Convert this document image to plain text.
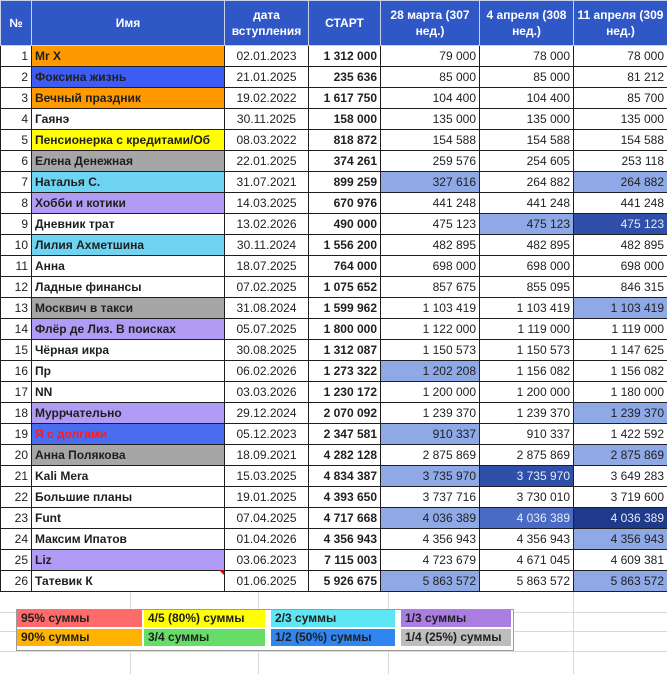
№	Имя	дата вступления	СТАРТ	28 марта (307 нед.)	4 апреля (308 нед.)	11 апреля (309 нед.)
1	Mr X	02.01.2023	1 312 000	79 000	78 000	78 000
2	Фоксина жизнь	21.01.2025	235 636	85 000	85 000	81 212
3	Вечный праздник	19.02.2022	1 617 750	104 400	104 400	85 700
4	Гаянэ	30.11.2025	158 000	135 000	135 000	135 000
5	Пенсионерка с кредитами/Об	08.03.2022	818 872	154 588	154 588	154 588
6	Елена Денежная	22.01.2025	374 261	259 576	254 605	253 118
7	Наталья С.	31.07.2021	899 259	327 616	264 882	264 882
8	Хобби и котики	14.03.2025	670 976	441 248	441 248	441 248
9	Дневник трат	13.02.2026	490 000	475 123	475 123	475 123
10	Лилия Ахметшина	30.11.2024	1 556 200	482 895	482 895	482 895
11	Анна	18.07.2025	764 000	698 000	698 000	698 000
12	Ладные финансы	07.02.2025	1 075 652	857 675	855 095	846 315
13	Москвич в такси	31.08.2024	1 599 962	1 103 419	1 103 419	1 103 419
14	Флёр де Лиз. В поисках	05.07.2025	1 800 000	1 122 000	1 119 000	1 119 000
15	Чёрная икра	30.08.2025	1 312 087	1 150 573	1 150 573	1 147 625
16	Пр	06.02.2026	1 273 322	1 202 208	1 156 082	1 156 082
17	NN	03.03.2026	1 230 172	1 200 000	1 200 000	1 180 000
18	Муррчательно	29.12.2024	2 070 092	1 239 370	1 239 370	1 239 370
19	Я с долгами	05.12.2023	2 347 581	910 337	910 337	1 422 592
20	Анна Полякова	18.09.2021	4 282 128	2 875 869	2 875 869	2 875 869
21	Kali Mera	15.03.2025	4 834 387	3 735 970	3 735 970	3 649 283
22	Большие планы	19.01.2025	4 393 650	3 737 716	3 730 010	3 719 600
23	Funt	07.04.2025	4 717 668	4 036 389	4 036 389	4 036 389
24	Максим Ипатов	01.04.2026	4 356 943	4 356 943	4 356 943	4 356 943
25	Liz	03.06.2023	7 115 003	4 723 679	4 671 045	4 609 381
26	Татевик К	01.06.2025	5 926 675	5 863 572	5 863 572	5 863 572
95% суммы	4/5 (80%) суммы	2/3 суммы	1/3 суммы
90% суммы	3/4 суммы	1/2 (50%) суммы	1/4 (25%) суммы
